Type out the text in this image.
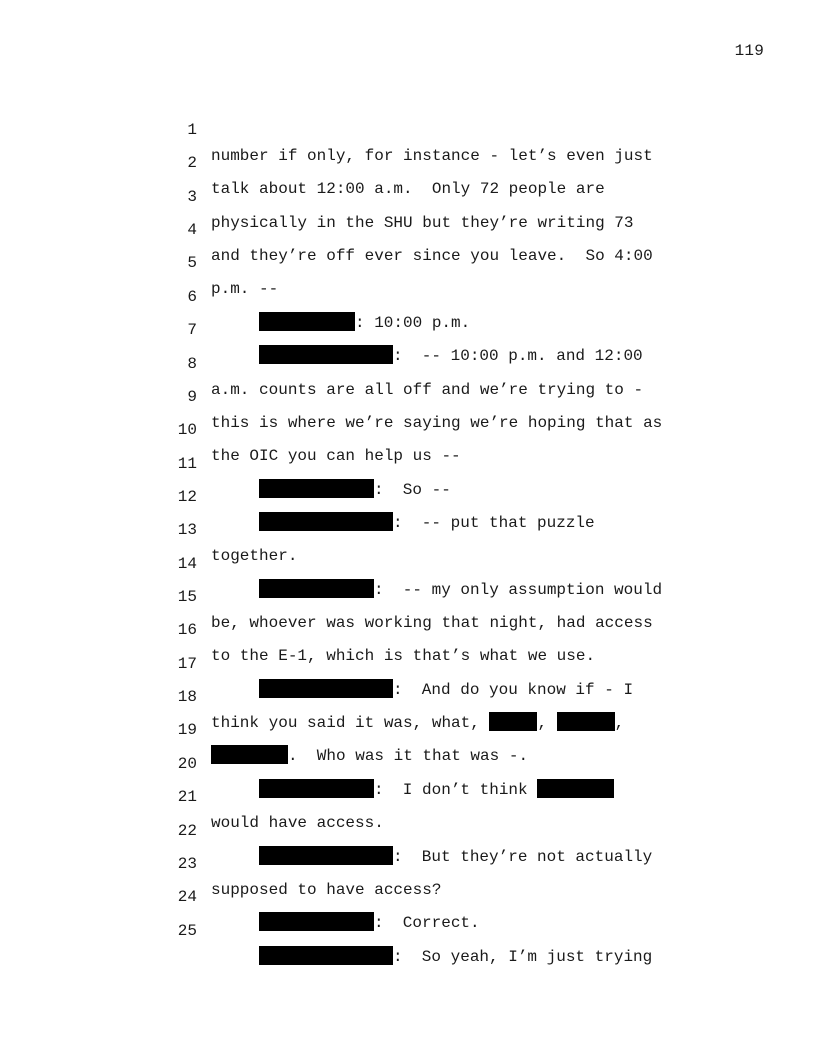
119

1

number if only, for instance - let’s even just

2

talk about 12:00 a.m.  Only 72 people are

3

physically in the SHU but they’re writing 73

4

and they’re off ever since you leave.  So 4:00

5

p.m. --

6

: 10:00 p.m.

7

:  -- 10:00 p.m. and 12:00

8

a.m. counts are all off and we’re trying to -

9

this is where we’re saying we’re hoping that as

10

the OIC you can help us --

11

:  So --

12

:  -- put that puzzle

13

together.

14

:  -- my only assumption would

15

be, whoever was working that night, had access

16

to the E-1, which is that’s what we use.

17

:  And do you know if - I

18

think you said it was, what,	,	,

19

.  Who was it that was -.

20

:  I don’t think

21

would have access.

22

:  But they’re not actually

23

supposed to have access?

24

:  Correct.

25

:  So yeah, I’m just trying
